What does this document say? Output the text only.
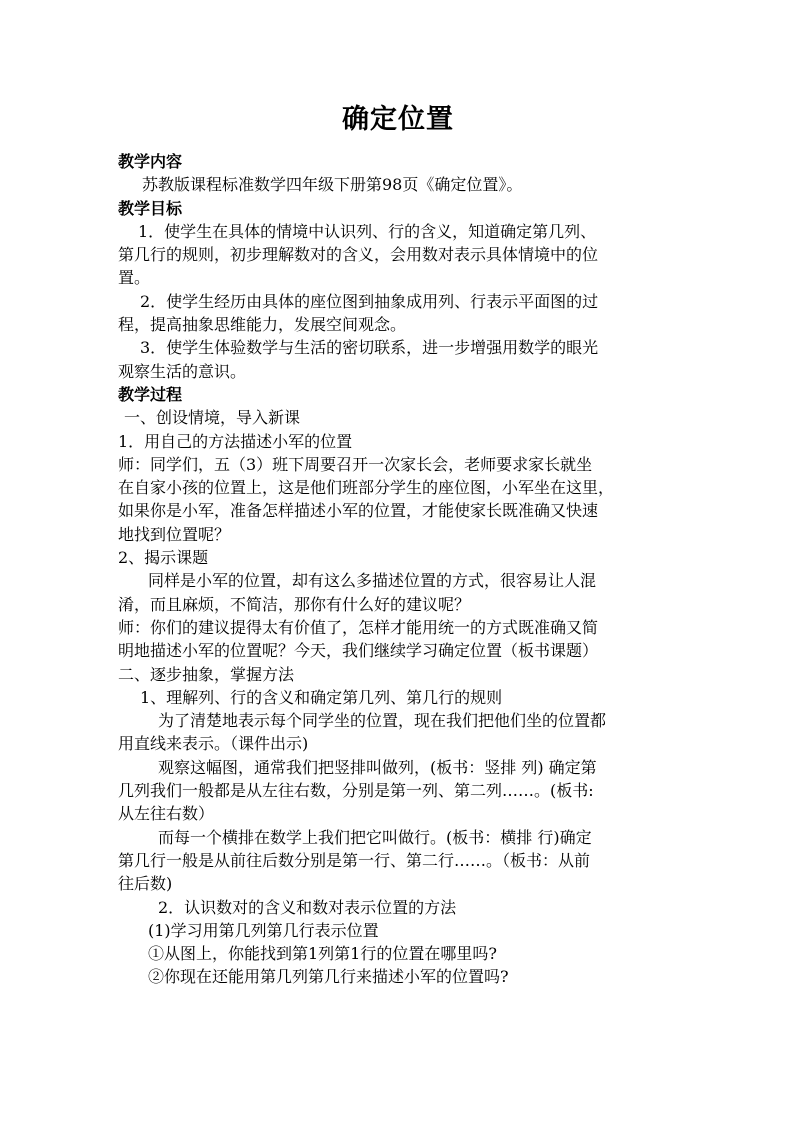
确定位置

教学内容

苏教版课程标准数学四年级下册第98页《确定位置》。

教学目标

1．使学生在具体的情境中认识列、行的含义，知道确定第几列、

第几行的规则，初步理解数对的含义，会用数对表示具体情境中的位

置。

2．使学生经历由具体的座位图到抽象成用列、行表示平面图的过

程，提高抽象思维能力，发展空间观念。

3．使学生体验数学与生活的密切联系，进一步增强用数学的眼光

观察生活的意识。

教学过程

一、创设情境，导入新课

1．用自己的方法描述小军的位置

师：同学们，五（3）班下周要召开一次家长会，老师要求家长就坐

在自家小孩的位置上，这是他们班部分学生的座位图，小军坐在这里，

如果你是小军，准备怎样描述小军的位置，才能使家长既准确又快速

地找到位置呢？

2、揭示课题

同样是小军的位置，却有这么多描述位置的方式，很容易让人混

淆，而且麻烦，不简洁，那你有什么好的建议呢？

师：你们的建议提得太有价值了，怎样才能用统一的方式既准确又简

明地描述小军的位置呢？今天，我们继续学习确定位置（板书课题）

二、逐步抽象，掌握方法

1、理解列、行的含义和确定第几列、第几行的规则

为了清楚地表示每个同学坐的位置，现在我们把他们坐的位置都

用直线来表示。（课件出示)

观察这幅图，通常我们把竖排叫做列，(板书：竖排 列) 确定第

几列我们一般都是从左往右数，分别是第一列、第二列……。(板书:

从左往右数）

而每一个横排在数学上我们把它叫做行。(板书：横排 行)确定

第几行一般是从前往后数分别是第一行、第二行……。（板书：从前

往后数)

2．认识数对的含义和数对表示位置的方法

(1)学习用第几列第几行表示位置

①从图上，你能找到第1列第1行的位置在哪里吗?

②你现在还能用第几列第几行来描述小军的位置吗?
